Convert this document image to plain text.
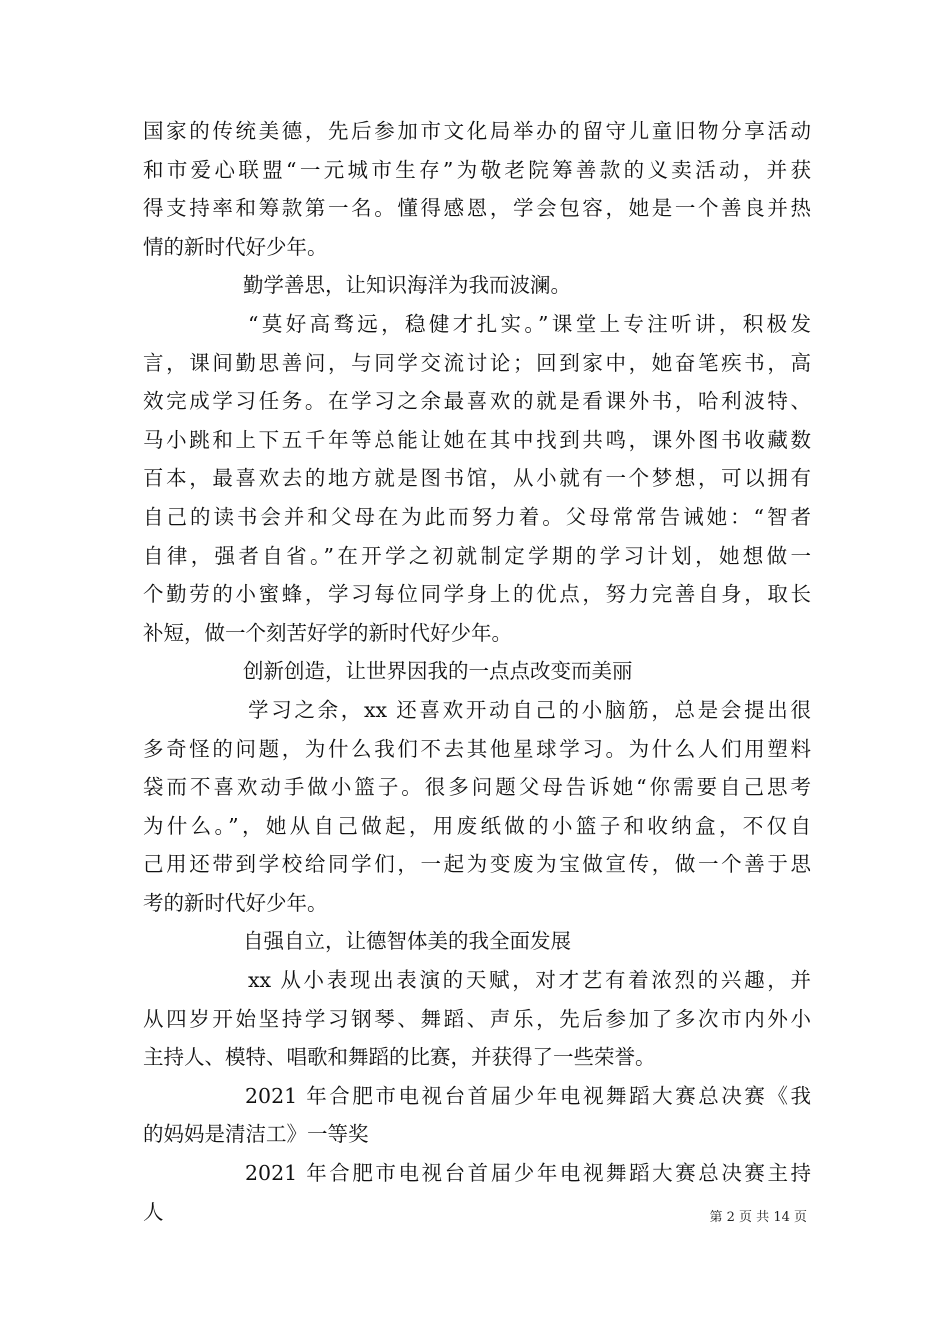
国家的传统美德，先后参加市文化局举办的留守儿童旧物分享活动
和市爱心联盟“一元城市生存”为敬老院筹善款的义卖活动，并获
得支持率和筹款第一名。懂得感恩，学会包容，她是一个善良并热
情的新时代好少年。
勤学善思，让知识海洋为我而波澜。
“莫好高骛远，稳健才扎实。”课堂上专注听讲，积极发
言，课间勤思善问，与同学交流讨论；回到家中，她奋笔疾书，高
效完成学习任务。在学习之余最喜欢的就是看课外书，哈利波特、
马小跳和上下五千年等总能让她在其中找到共鸣，课外图书收藏数
百本，最喜欢去的地方就是图书馆，从小就有一个梦想，可以拥有
自己的读书会并和父母在为此而努力着。父母常常告诫她：“智者
自律，强者自省。”在开学之初就制定学期的学习计划，她想做一
个勤劳的小蜜蜂，学习每位同学身上的优点，努力完善自身，取长
补短，做一个刻苦好学的新时代好少年。
创新创造，让世界因我的一点点改变而美丽
学习之余，xx 还喜欢开动自己的小脑筋，总是会提出很
多奇怪的问题，为什么我们不去其他星球学习。为什么人们用塑料
袋而不喜欢动手做小篮子。很多问题父母告诉她“你需要自己思考
为什么。”，她从自己做起，用废纸做的小篮子和收纳盒，不仅自
己用还带到学校给同学们，一起为变废为宝做宣传，做一个善于思
考的新时代好少年。
自强自立，让德智体美的我全面发展
xx 从小表现出表演的天赋，对才艺有着浓烈的兴趣，并
从四岁开始坚持学习钢琴、舞蹈、声乐，先后参加了多次市内外小
主持人、模特、唱歌和舞蹈的比赛，并获得了一些荣誉。
2021 年合肥市电视台首届少年电视舞蹈大赛总决赛《我
的妈妈是清洁工》一等奖
2021 年合肥市电视台首届少年电视舞蹈大赛总决赛主持
人	第 2 页 共 14 页
